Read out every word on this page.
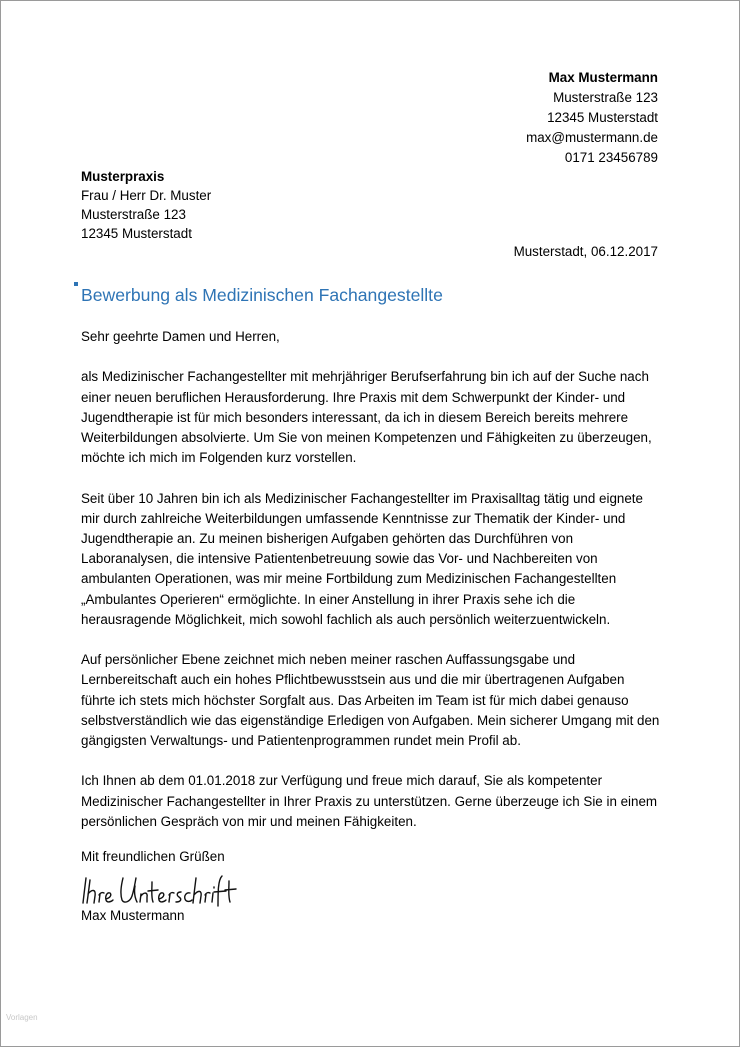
Max Mustermann
Musterstraße 123
12345 Musterstadt
max@mustermann.de
0171 23456789
Musterpraxis
Frau / Herr Dr. Muster
Musterstraße 123
12345 Musterstadt
Musterstadt, 06.12.2017
Bewerbung als Medizinischen Fachangestellte

Sehr geehrte Damen und Herren,

als Medizinischer Fachangestellter mit mehrjähriger Berufserfahrung bin ich auf der Suche nach einer neuen beruflichen Herausforderung. Ihre Praxis mit dem Schwerpunkt der Kinder- und Jugendtherapie ist für mich besonders interessant, da ich in diesem Bereich bereits mehrere Weiterbildungen absolvierte. Um Sie von meinen Kompetenzen und Fähigkeiten zu überzeugen, möchte ich mich im Folgenden kurz vorstellen.

Seit über 10 Jahren bin ich als Medizinischer Fachangestellter im Praxisalltag tätig und eignete mir durch zahlreiche Weiterbildungen umfassende Kenntnisse zur Thematik der Kinder- und Jugendtherapie an. Zu meinen bisherigen Aufgaben gehörten das Durchführen von Laboranalysen, die intensive Patientenbetreuung sowie das Vor- und Nachbereiten von ambulanten Operationen, was mir meine Fortbildung zum Medizinischen Fachangestellten „Ambulantes Operieren“ ermöglichte. In einer Anstellung in ihrer Praxis sehe ich die herausragende Möglichkeit, mich sowohl fachlich als auch persönlich weiterzuentwickeln.

Auf persönlicher Ebene zeichnet mich neben meiner raschen Auffassungsgabe und Lernbereitschaft auch ein hohes Pflichtbewusstsein aus und die mir übertragenen Aufgaben führte ich stets mich höchster Sorgfalt aus. Das Arbeiten im Team ist für mich dabei genauso selbstverständlich wie das eigenständige Erledigen von Aufgaben. Mein sicherer Umgang mit den gängigsten Verwaltungs- und Patientenprogrammen rundet mein Profil ab.

Ich Ihnen ab dem 01.01.2018 zur Verfügung und freue mich darauf, Sie als kompetenter Medizinischer Fachangestellter in Ihrer Praxis zu unterstützen. Gerne überzeuge ich Sie in einem persönlichen Gespräch von mir und meinen Fähigkeiten.

Mit freundlichen Grüßen
Max Mustermann
Vorlagen
